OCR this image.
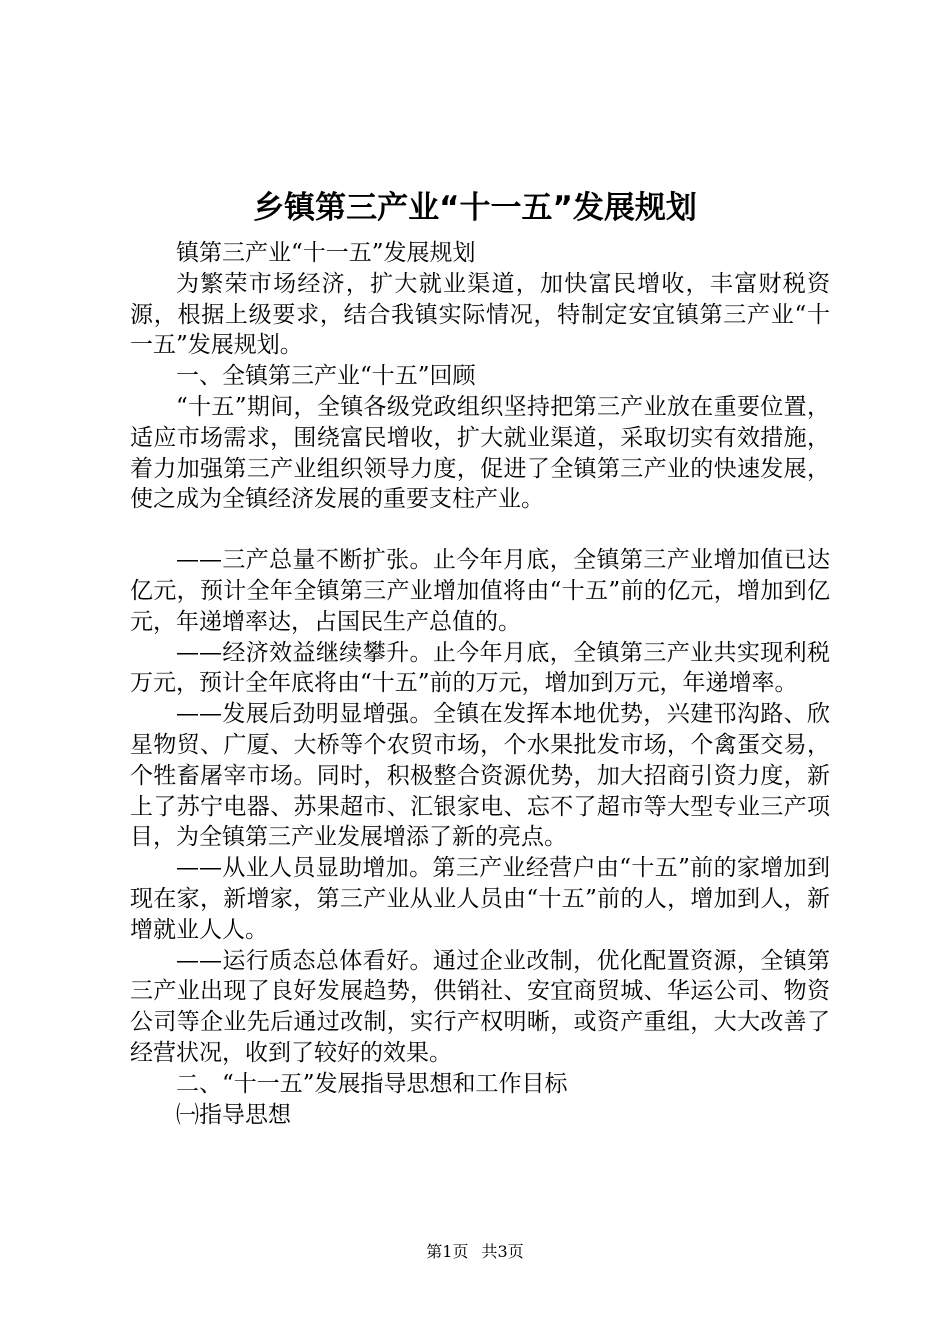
乡镇第三产业“十一五”发展规划

镇第三产业“十一五”发展规划

为繁荣市场经济，扩大就业渠道，加快富民增收，丰富财税资源，根据上级要求，结合我镇实际情况，特制定安宜镇第三产业“十一五”发展规划。

一、全镇第三产业“十五”回顾

“十五”期间，全镇各级党政组织坚持把第三产业放在重要位置，适应市场需求，围绕富民增收，扩大就业渠道，采取切实有效措施，着力加强第三产业组织领导力度，促进了全镇第三产业的快速发展，使之成为全镇经济发展的重要支柱产业。

——三产总量不断扩张。止今年月底，全镇第三产业增加值已达亿元，预计全年全镇第三产业增加值将由“十五”前的亿元，增加到亿元，年递增率达，占国民生产总值的。

——经济效益继续攀升。止今年月底，全镇第三产业共实现利税万元，预计全年底将由“十五”前的万元，增加到万元，年递增率。

——发展后劲明显增强。全镇在发挥本地优势，兴建邗沟路、欣星物贸、广厦、大桥等个农贸市场，个水果批发市场，个禽蛋交易，个牲畜屠宰市场。同时，积极整合资源优势，加大招商引资力度，新上了苏宁电器、苏果超市、汇银家电、忘不了超市等大型专业三产项目，为全镇第三产业发展增添了新的亮点。

——从业人员显助增加。第三产业经营户由“十五”前的家增加到现在家，新增家，第三产业从业人员由“十五”前的人，增加到人，新增就业人人。

——运行质态总体看好。通过企业改制，优化配置资源，全镇第三产业出现了良好发展趋势，供销社、安宜商贸城、华运公司、物资公司等企业先后通过改制，实行产权明晰，或资产重组，大大改善了经营状况，收到了较好的效果。

二、“十一五”发展指导思想和工作目标

㈠指导思想

第1页 共3页
